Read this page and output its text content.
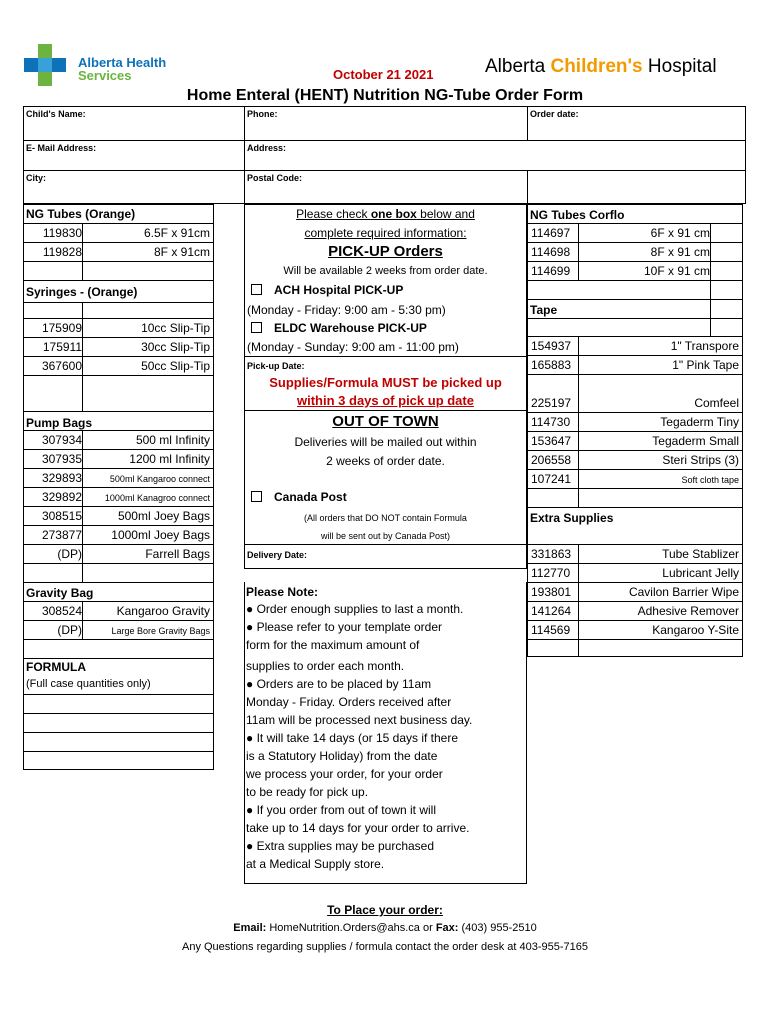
Alberta Health
Services	October 21 2021	Alberta Children's Hospital
Home Enteral (HENT) Nutrition NG-Tube Order Form
Child's Name:	Phone:	Order date:
E- Mail Address:	Address:
City:	Postal Code:
NG Tubes (Orange)
119830	6.5F x 91cm
119828	8F x 91cm
Syringes - (Orange)
175909	10cc Slip-Tip
175911	30cc Slip-Tip
367600	50cc Slip-Tip
Pump Bags
307934	500 ml Infinity
307935	1200 ml Infinity
329893	500ml Kangaroo connect
329892	1000ml Kanagroo connect
308515	500ml Joey Bags
273877 1000ml Joey Bags
(DP)	Farrell Bags
Gravity Bag
308524	Kangaroo Gravity
(DP)	Large Bore Gravity Bags
FORMULA
(Full case quantities only)
Please check one box below and
complete required information:
PICK-UP Orders
Will be available 2 weeks from order date.
ACH Hospital PICK-UP
(Monday - Friday: 9:00 am - 5:30 pm)
ELDC Warehouse PICK-UP
(Monday - Sunday: 9:00 am - 11:00 pm)
Pick-up Date:
Supplies/Formula MUST be picked up
within 3 days of pick up date
OUT OF TOWN
Deliveries will be mailed out within
2 weeks of order date.
Canada Post
(All orders that DO NOT contain Formula
will be sent out by Canada Post)
Delivery Date:
Please Note:
● Order enough supplies to last a month.
● Please refer to your template order
form for the maximum amount of
supplies to order each month.
● Orders are to be placed by 11am
Monday - Friday. Orders received after
11am will be processed next business day.
● It will take 14 days (or 15 days if there
is a Statutory Holiday) from the date
we process your order, for your order
to be ready for pick up.
● If you order from out of town it will
take up to 14 days for your order to arrive.
● Extra supplies may be purchased
at a Medical Supply store.
NG Tubes Corflo
114697	6F x 91 cm
114698	8F x 91 cm
114699	10F x 91 cm
Tape
154937	1" Transpore
165883	1" Pink Tape
225197	Comfeel
114730	Tegaderm Tiny
153647	Tegaderm Small
206558	Steri Strips (3)
107241	Soft cloth tape
Extra Supplies
331863	Tube Stablizer
112770	Lubricant Jelly
193801	Cavilon Barrier Wipe
141264	Adhesive Remover
114569	Kangaroo Y-Site
To Place your order:
Email: HomeNutrition.Orders@ahs.ca or Fax: (403) 955-2510
Any Questions regarding supplies / formula contact the order desk at 403-955-7165
